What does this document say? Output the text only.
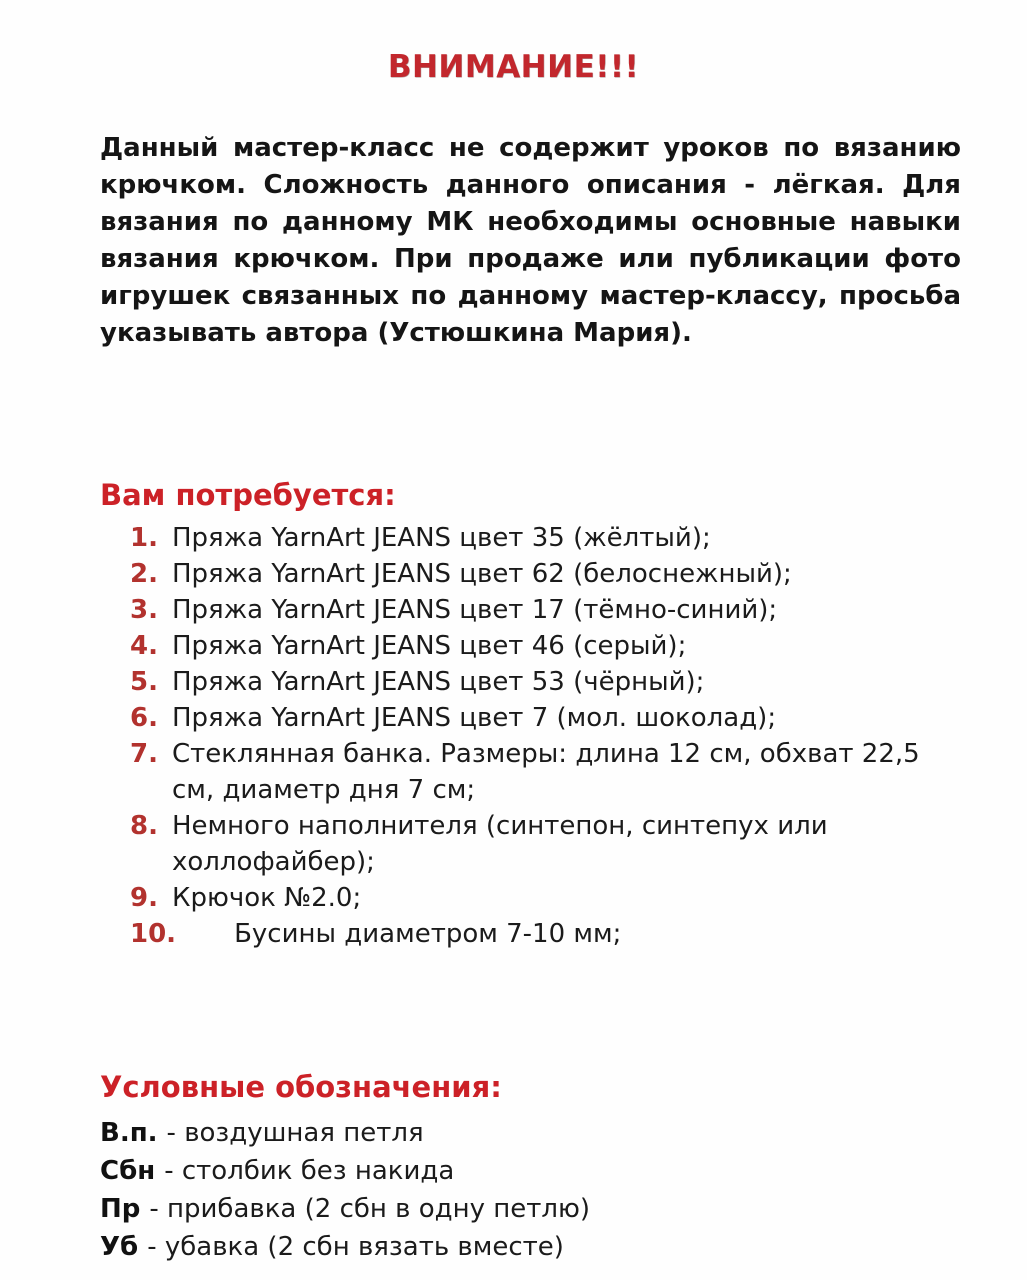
ВНИМАНИЕ!!!

Данный мастер-класс не содержит уроков по вязанию крючком. Сложность данного описания - лёгкая. Для вязания по данному МК необходимы основные навыки вязания крючком. При продаже или публикации фото игрушек связанных по данному мастер-классу, просьба указывать автора (Устюшкина Мария).

Вам потребуется:
1. Пряжа YarnArt JEANS цвет 35 (жёлтый);
2. Пряжа YarnArt JEANS цвет 62 (белоснежный);
3. Пряжа YarnArt JEANS цвет 17 (тёмно-синий);
4. Пряжа YarnArt JEANS цвет 46 (серый);
5. Пряжа YarnArt JEANS цвет 53 (чёрный);
6. Пряжа YarnArt JEANS цвет 7 (мол. шоколад);
7. Стеклянная банка. Размеры: длина 12 см, обхват 22,5 см, диаметр дня 7 см;
8. Немного наполнителя (синтепон, синтепух или холлофайбер);
9. Крючок №2.0;
10. Бусины диаметром 7-10 мм;
Условные обозначения:
В.п. - воздушная петля
Сбн - столбик без накида
Пр - прибавка (2 сбн в одну петлю)
Уб - убавка (2 сбн вязать вместе)
